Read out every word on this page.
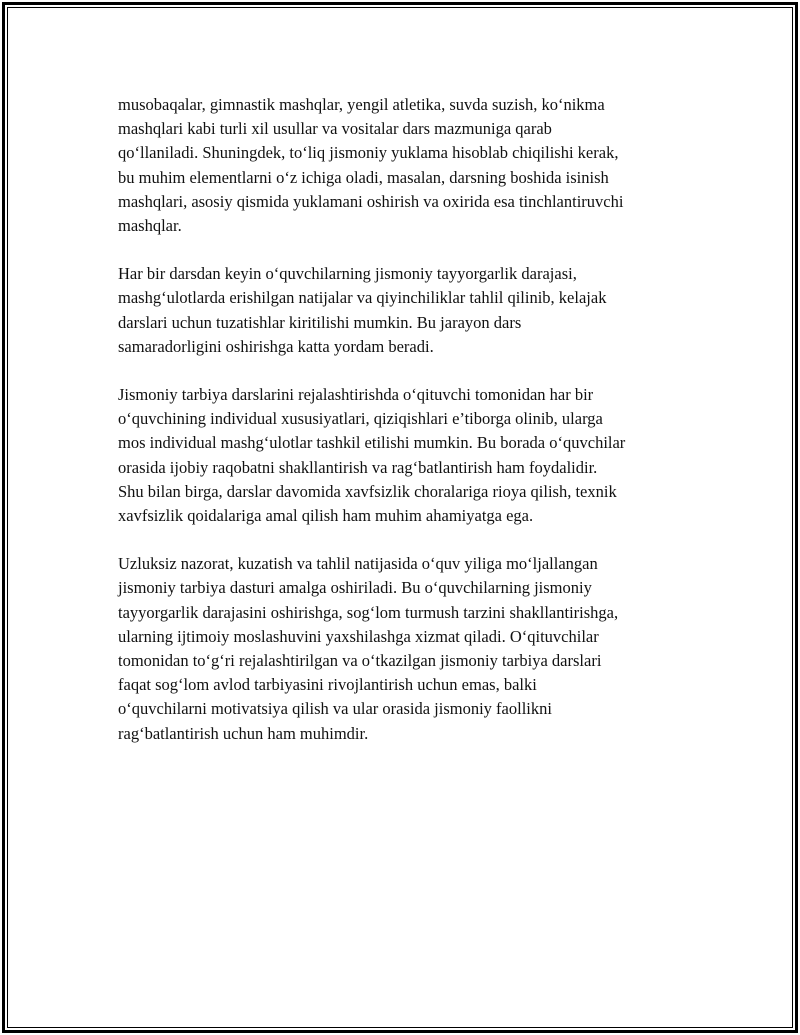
musobaqalar, gimnastik mashqlar, yengil atletika, suvda suzish, ko‘nikma
mashqlari kabi turli xil usullar va vositalar dars mazmuniga qarab
qo‘llaniladi. Shuningdek, to‘liq jismoniy yuklama hisoblab chiqilishi kerak,
bu muhim elementlarni o‘z ichiga oladi, masalan, darsning boshida isinish
mashqlari, asosiy qismida yuklamani oshirish va oxirida esa tinchlantiruvchi
mashqlar.

Har bir darsdan keyin o‘quvchilarning jismoniy tayyorgarlik darajasi,
mashg‘ulotlarda erishilgan natijalar va qiyinchiliklar tahlil qilinib, kelajak
darslari uchun tuzatishlar kiritilishi mumkin. Bu jarayon dars
samaradorligini oshirishga katta yordam beradi.

Jismoniy tarbiya darslarini rejalashtirishda o‘qituvchi tomonidan har bir
o‘quvchining individual xususiyatlari, qiziqishlari e’tiborga olinib, ularga
mos individual mashg‘ulotlar tashkil etilishi mumkin. Bu borada o‘quvchilar
orasida ijobiy raqobatni shakllantirish va rag‘batlantirish ham foydalidir.
Shu bilan birga, darslar davomida xavfsizlik choralariga rioya qilish, texnik
xavfsizlik qoidalariga amal qilish ham muhim ahamiyatga ega.

Uzluksiz nazorat, kuzatish va tahlil natijasida o‘quv yiliga mo‘ljallangan
jismoniy tarbiya dasturi amalga oshiriladi. Bu o‘quvchilarning jismoniy
tayyorgarlik darajasini oshirishga, sog‘lom turmush tarzini shakllantirishga,
ularning ijtimoiy moslashuvini yaxshilashga xizmat qiladi. O‘qituvchilar
tomonidan to‘g‘ri rejalashtirilgan va o‘tkazilgan jismoniy tarbiya darslari
faqat sog‘lom avlod tarbiyasini rivojlantirish uchun emas, balki
o‘quvchilarni motivatsiya qilish va ular orasida jismoniy faollikni
rag‘batlantirish uchun ham muhimdir.
